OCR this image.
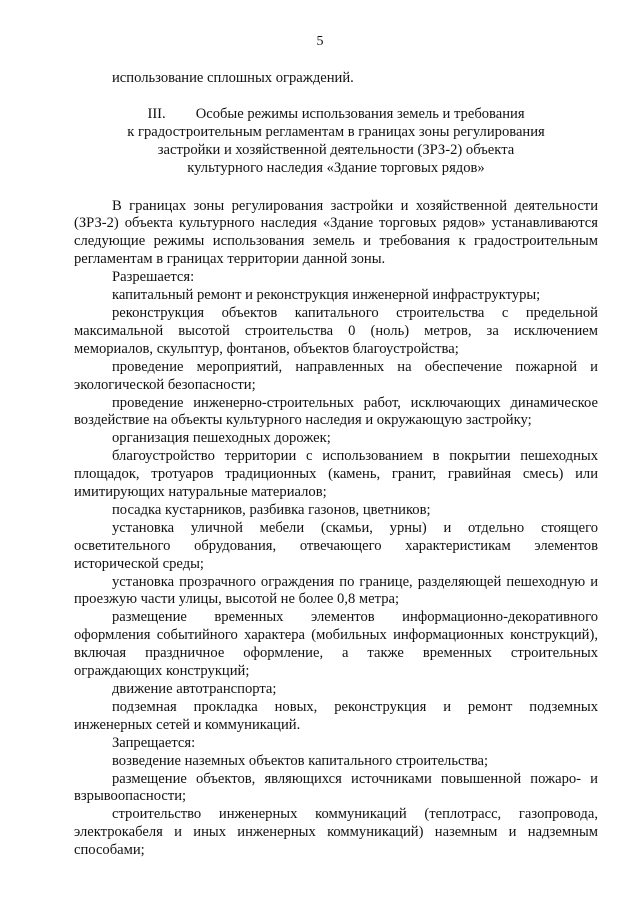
5

использование сплошных ограждений.

III. Особые режимы использования земель и требования
к градостроительным регламентам в границах зоны регулирования
застройки и хозяйственной деятельности (ЗРЗ-2) объекта
культурного наследия «Здание торговых рядов»

В границах зоны регулирования застройки и хозяйственной деятельности (ЗРЗ-2) объекта культурного наследия «Здание торговых рядов» устанавливаются следующие режимы использования земель и требования к градостроительным регламентам в границах территории данной зоны.

Разрешается:

капитальный ремонт и реконструкция инженерной инфраструктуры;

реконструкция объектов капитального строительства с предельной максимальной высотой строительства 0 (ноль) метров, за исключением мемориалов, скульптур, фонтанов, объектов благоустройства;

проведение мероприятий, направленных на обеспечение пожарной и экологической безопасности;

проведение инженерно-строительных работ, исключающих динамическое воздействие на объекты культурного наследия и окружающую застройку;

организация пешеходных дорожек;

благоустройство территории с использованием в покрытии пешеходных площадок, тротуаров традиционных (камень, гранит, гравийная смесь) или имитирующих натуральные материалов;

посадка кустарников, разбивка газонов, цветников;

установка уличной мебели (скамьи, урны) и отдельно стоящего осветительного обрудования, отвечающего характеристикам элементов исторической среды;

установка прозрачного ограждения по границе, разделяющей пешеходную и проезжую части улицы, высотой не более 0,8 метра;

размещение временных элементов информационно-декоративного оформления событийного характера (мобильных информационных конструкций), включая праздничное оформление, а также временных строительных ограждающих конструкций;

движение автотранспорта;

подземная прокладка новых, реконструкция и ремонт подземных инженерных сетей и коммуникаций.

Запрещается:

возведение наземных объектов капитального строительства;

размещение объектов, являющихся источниками повышенной пожаро- и взрывоопасности;

строительство инженерных коммуникаций (теплотрасс, газопровода, электрокабеля и иных инженерных коммуникаций) наземным и надземным способами;
